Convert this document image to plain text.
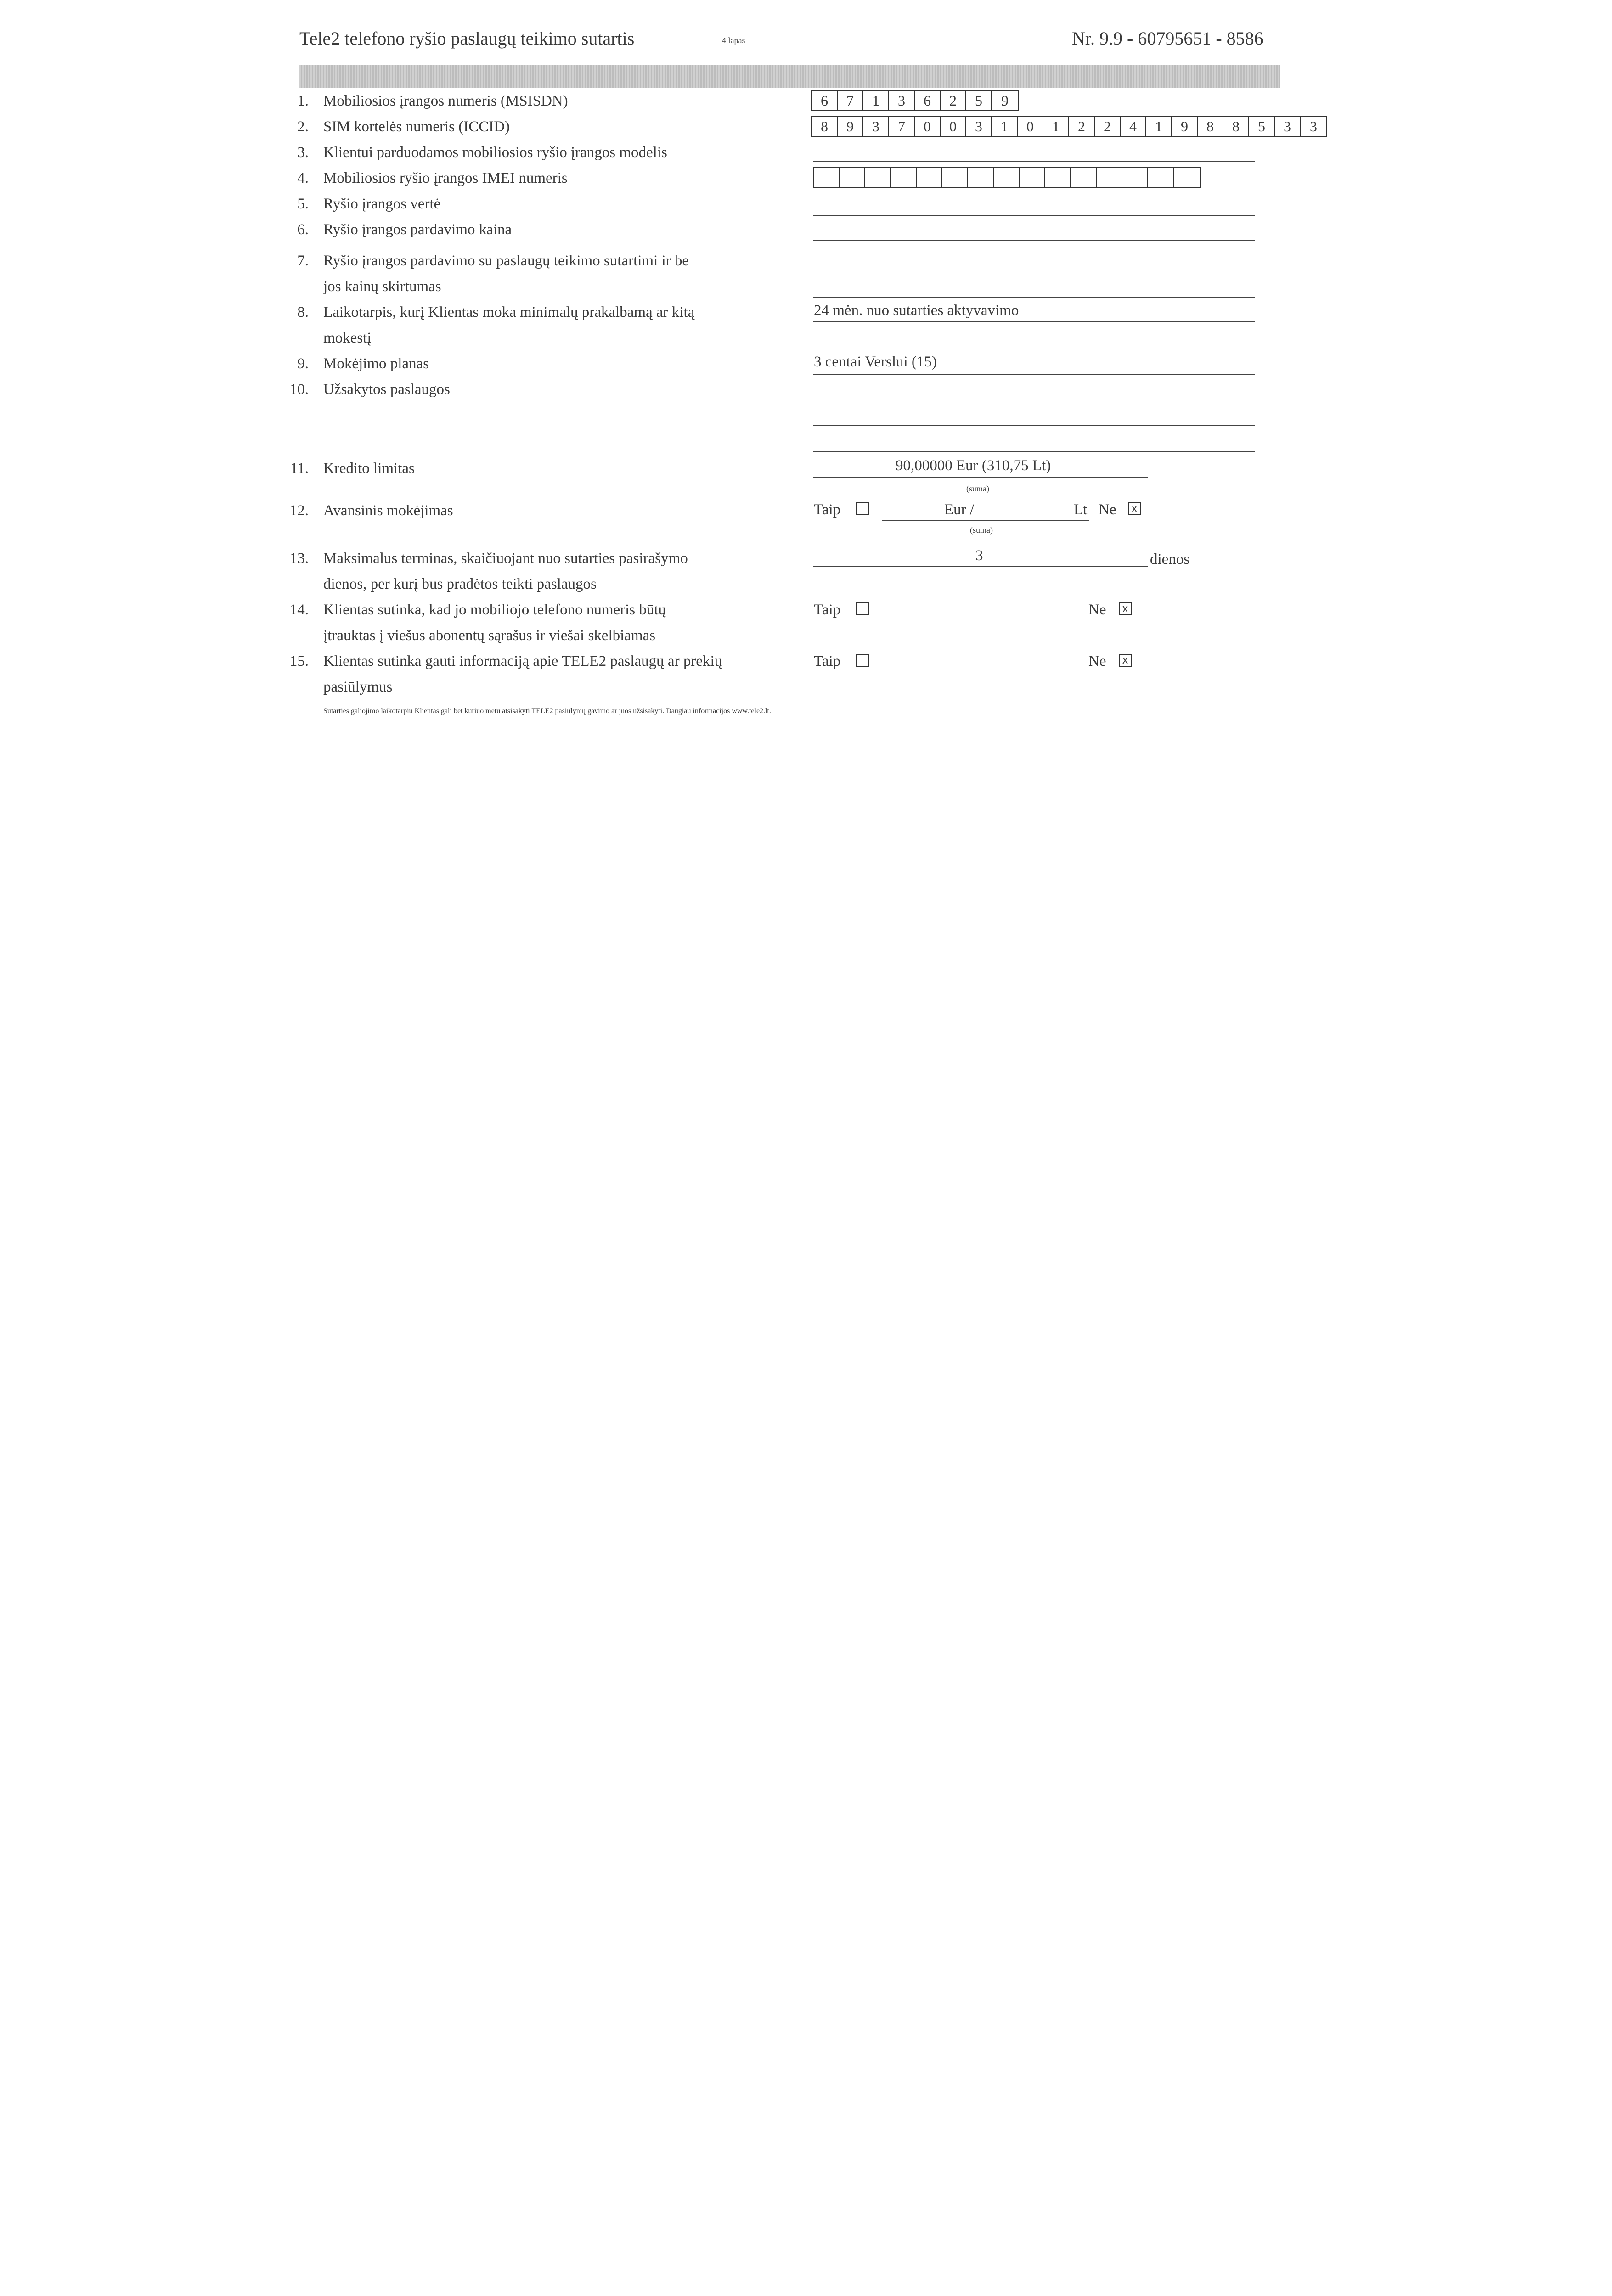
Tele2 telefono ryšio paslaugų teikimo sutartis	4 lapas	Nr. 9.9 - 60795651 - 8586
1. Mobiliosios įrangos numeris (MSISDN)	6	7	1	3	6	2	5	9
2. SIM kortelės numeris (ICCID)	8	9	3	7	0	0	3	1	0	1	2	2	4	1	9	8	8	5	3	3
3. Klientui parduodamos mobiliosios ryšio įrangos modelis
4. Mobiliosios ryšio įrangos IMEI numeris
5. Ryšio įrangos vertė
6. Ryšio įrangos pardavimo kaina
7. Ryšio įrangos pardavimo su paslaugų teikimo sutartimi ir be
jos kainų skirtumas
8. Laikotarpis, kurį Klientas moka minimalų prakalbamą ar kitą
mokestį
24 mėn. nuo sutarties aktyvavimo
9. Mokėjimo planas	3 centai Verslui (15)
10. Užsakytos paslaugos
11. Kredito limitas	90,00000 Eur (310,75 Lt)
(suma)
12. Avansinis mokėjimas	Taip	Eur /	Lt Ne	x
(suma)
13. Maksimalus terminas, skaičiuojant nuo sutarties pasirašymo
dienos, per kurį bus pradėtos teikti paslaugos
3	dienos
14. Klientas sutinka, kad jo mobiliojo telefono numeris būtų
įtrauktas į viešus abonentų sąrašus ir viešai skelbiamas
Taip	Ne	x
15. Klientas sutinka gauti informaciją apie TELE2 paslaugų ar prekių
pasiūlymus
Taip	Ne	x
Sutarties galiojimo laikotarpiu Klientas gali bet kuriuo metu atsisakyti TELE2 pasiūlymų gavimo ar juos užsisakyti. Daugiau informacijos www.tele2.lt.
